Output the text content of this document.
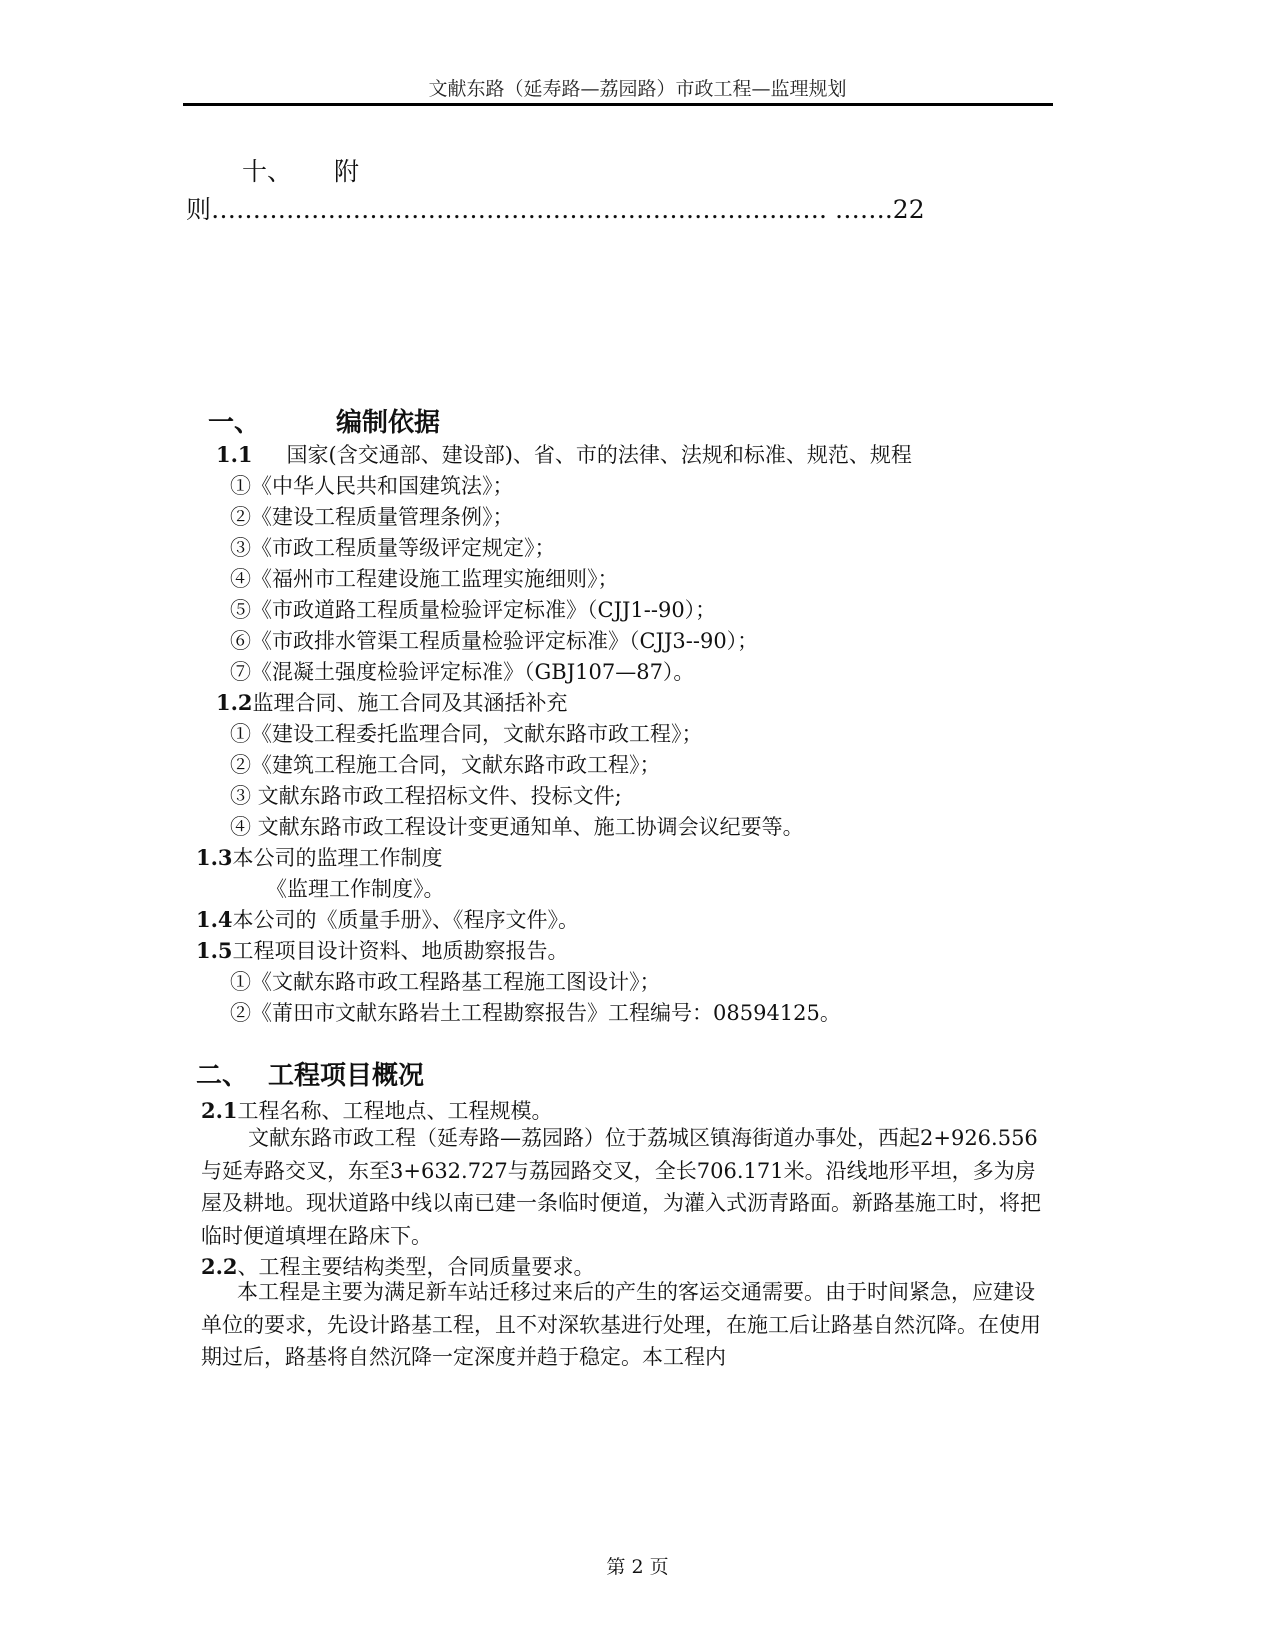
文献东路（延寿路—荔园路）市政工程—监理规划
十、 附
则………………………………………………….……………. …….22
一、	编制依据
1.1 国家(含交通部、建设部)、省、市的法律、法规和标准、规范、规程
①《中华人民共和国建筑法》；
②《建设工程质量管理条例》；
③《市政工程质量等级评定规定》；
④《福州市工程建设施工监理实施细则》；
⑤《市政道路工程质量检验评定标准》（CJJ1--90）；
⑥《市政排水管渠工程质量检验评定标准》（CJJ3--90）；
⑦《混凝土强度检验评定标准》（GBJ107—87）。
1.2监理合同、施工合同及其涵括补充
①《建设工程委托监理合同，文献东路市政工程》；
②《建筑工程施工合同，文献东路市政工程》；
③ 文献东路市政工程招标文件、投标文件;
④ 文献东路市政工程设计变更通知单、施工协调会议纪要等。
1.3本公司的监理工作制度
《监理工作制度》。
1.4本公司的《质量手册》、《程序文件》。
1.5工程项目设计资料、地质勘察报告。
①《文献东路市政工程路基工程施工图设计》；
②《莆田市文献东路岩土工程勘察报告》工程编号：08594125。
二、 工程项目概况
2.1工程名称、工程地点、工程规模。
文献东路市政工程（延寿路—荔园路）位于荔城区镇海街道办事处，西起2+926.556与延寿路交叉，东至3+632.727与荔园路交叉，全长706.171米。沿线地形平坦，多为房屋及耕地。现状道路中线以南已建一条临时便道，为灌入式沥青路面。新路基施工时，将把临时便道填埋在路床下。
2.2、工程主要结构类型，合同质量要求。
本工程是主要为满足新车站迁移过来后的产生的客运交通需要。由于时间紧急，应建设单位的要求，先设计路基工程，且不对深软基进行处理，在施工后让路基自然沉降。在使用期过后，路基将自然沉降一定深度并趋于稳定。本工程内
第 2 页
